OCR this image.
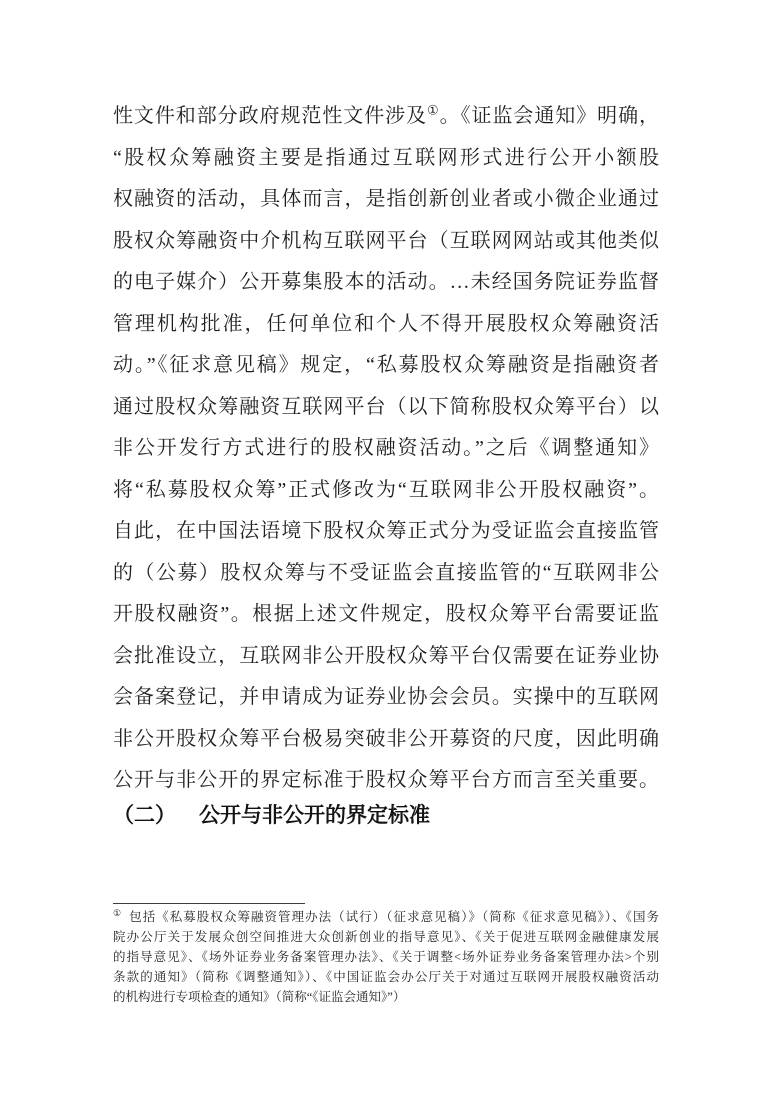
性文件和部分政府规范性文件涉及①。《证监会通知》明确，
“股权众筹融资主要是指通过互联网形式进行公开小额股
权融资的活动，具体而言，是指创新创业者或小微企业通过
股权众筹融资中介机构互联网平台（互联网网站或其他类似
的电子媒介）公开募集股本的活动。…未经国务院证券监督
管理机构批准，任何单位和个人不得开展股权众筹融资活
动。”《征求意见稿》规定，“私募股权众筹融资是指融资者
通过股权众筹融资互联网平台（以下简称股权众筹平台）以
非公开发行方式进行的股权融资活动。”之后《调整通知》
将“私募股权众筹”正式修改为“互联网非公开股权融资”。
自此，在中国法语境下股权众筹正式分为受证监会直接监管
的（公募）股权众筹与不受证监会直接监管的“互联网非公
开股权融资”。根据上述文件规定，股权众筹平台需要证监
会批准设立，互联网非公开股权众筹平台仅需要在证券业协
会备案登记，并申请成为证券业协会会员。实操中的互联网
非公开股权众筹平台极易突破非公开募资的尺度，因此明确
公开与非公开的界定标准于股权众筹平台方而言至关重要。
（二） 公开与非公开的界定标准
① 包括《私募股权众筹融资管理办法（试行）（征求意见稿）》（简称《征求意见稿》）、《国务
院办公厅关于发展众创空间推进大众创新创业的指导意见》、《关于促进互联网金融健康发展
的指导意见》、《场外证券业务备案管理办法》、《关于调整<场外证券业务备案管理办法>个别
条款的通知》（简称《调整通知》）、《中国证监会办公厅关于对通过互联网开展股权融资活动
的机构进行专项检查的通知》（简称“《证监会通知》”）
